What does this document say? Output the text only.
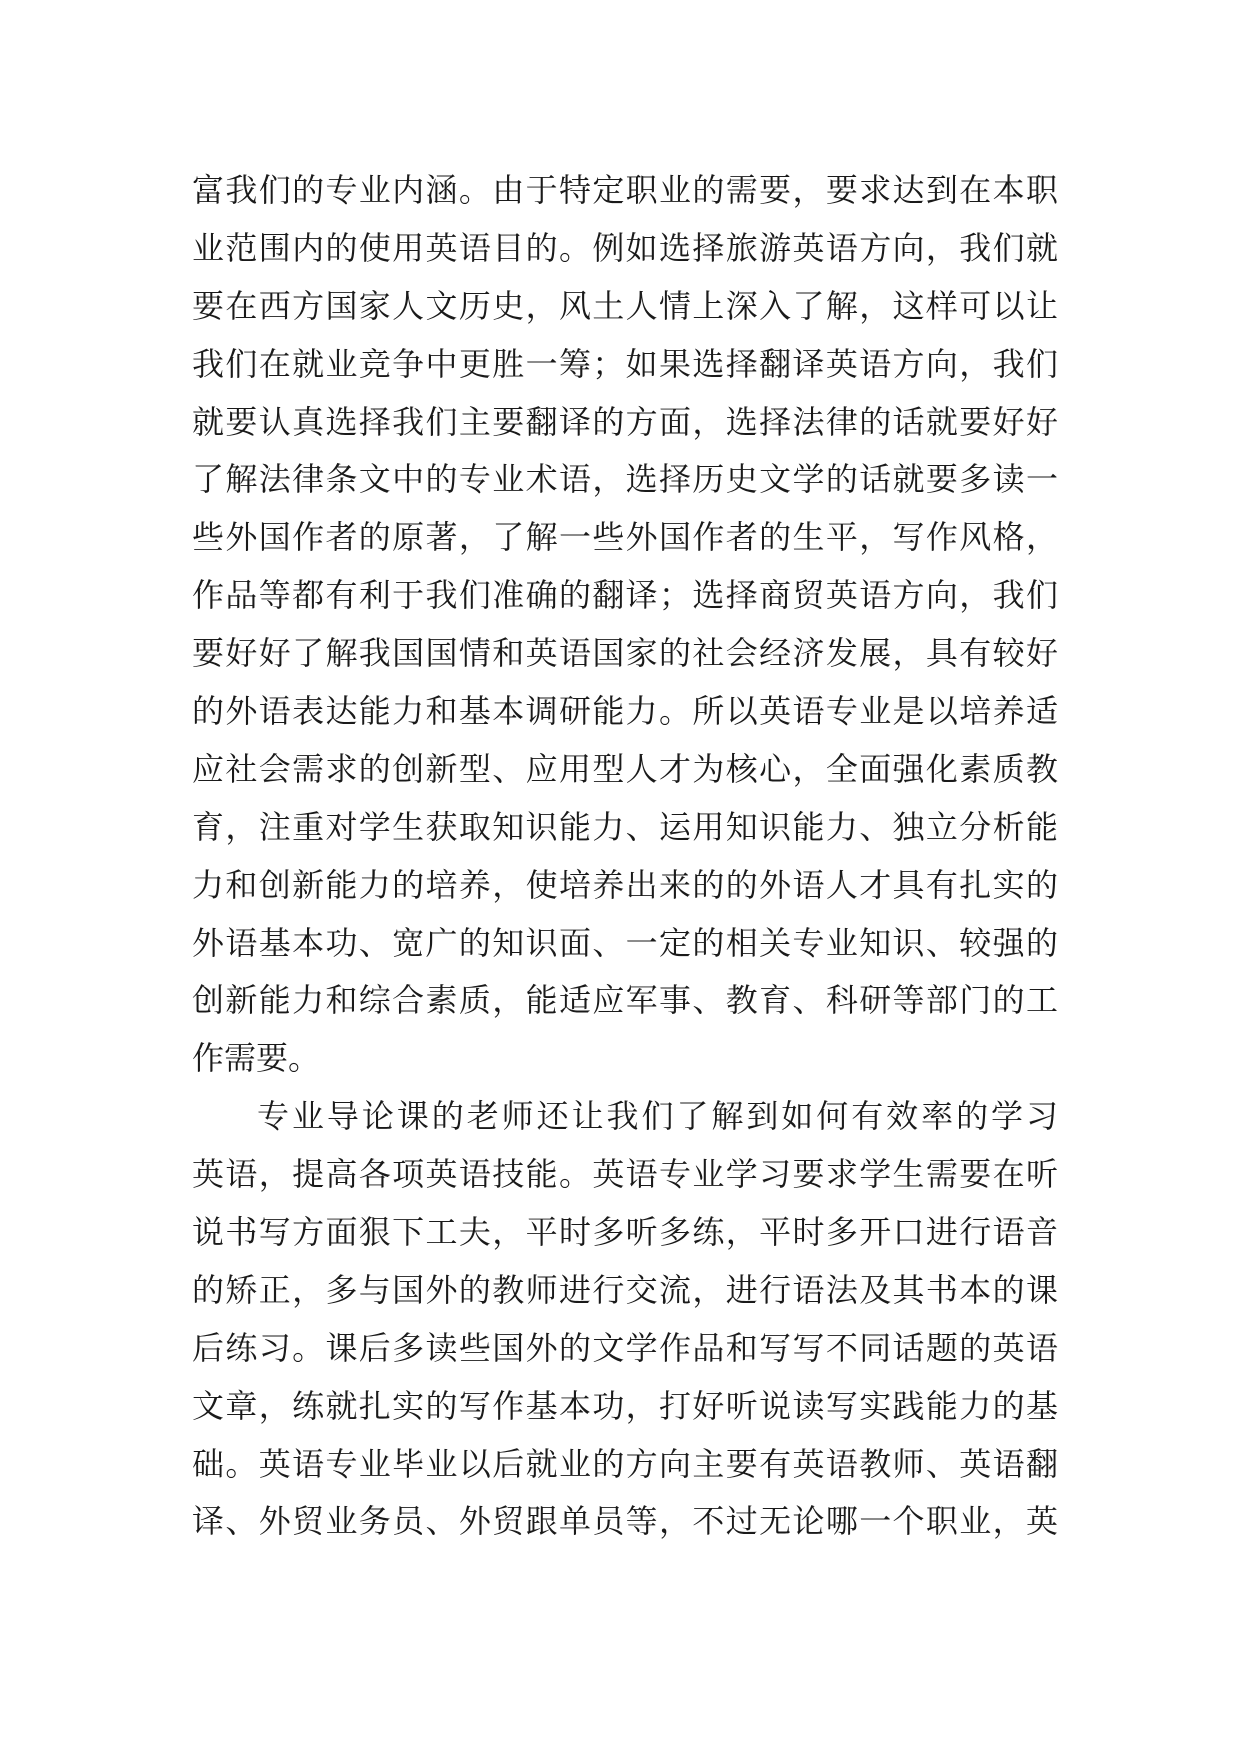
富我们的专业内涵。由于特定职业的需要，要求达到在本职
业范围内的使用英语目的。例如选择旅游英语方向，我们就
要在西方国家人文历史，风土人情上深入了解，这样可以让
我们在就业竞争中更胜一筹；如果选择翻译英语方向，我们
就要认真选择我们主要翻译的方面，选择法律的话就要好好
了解法律条文中的专业术语，选择历史文学的话就要多读一
些外国作者的原著，了解一些外国作者的生平，写作风格，
作品等都有利于我们准确的翻译；选择商贸英语方向，我们
要好好了解我国国情和英语国家的社会经济发展，具有较好
的外语表达能力和基本调研能力。所以英语专业是以培养适
应社会需求的创新型、应用型人才为核心，全面强化素质教
育，注重对学生获取知识能力、运用知识能力、独立分析能
力和创新能力的培养，使培养出来的的外语人才具有扎实的
外语基本功、宽广的知识面、一定的相关专业知识、较强的
创新能力和综合素质，能适应军事、教育、科研等部门的工
作需要。
专业导论课的老师还让我们了解到如何有效率的学习
英语，提高各项英语技能。英语专业学习要求学生需要在听
说书写方面狠下工夫，平时多听多练，平时多开口进行语音
的矫正，多与国外的教师进行交流，进行语法及其书本的课
后练习。课后多读些国外的文学作品和写写不同话题的英语
文章，练就扎实的写作基本功，打好听说读写实践能力的基
础。英语专业毕业以后就业的方向主要有英语教师、英语翻
译、外贸业务员、外贸跟单员等，不过无论哪一个职业，英
